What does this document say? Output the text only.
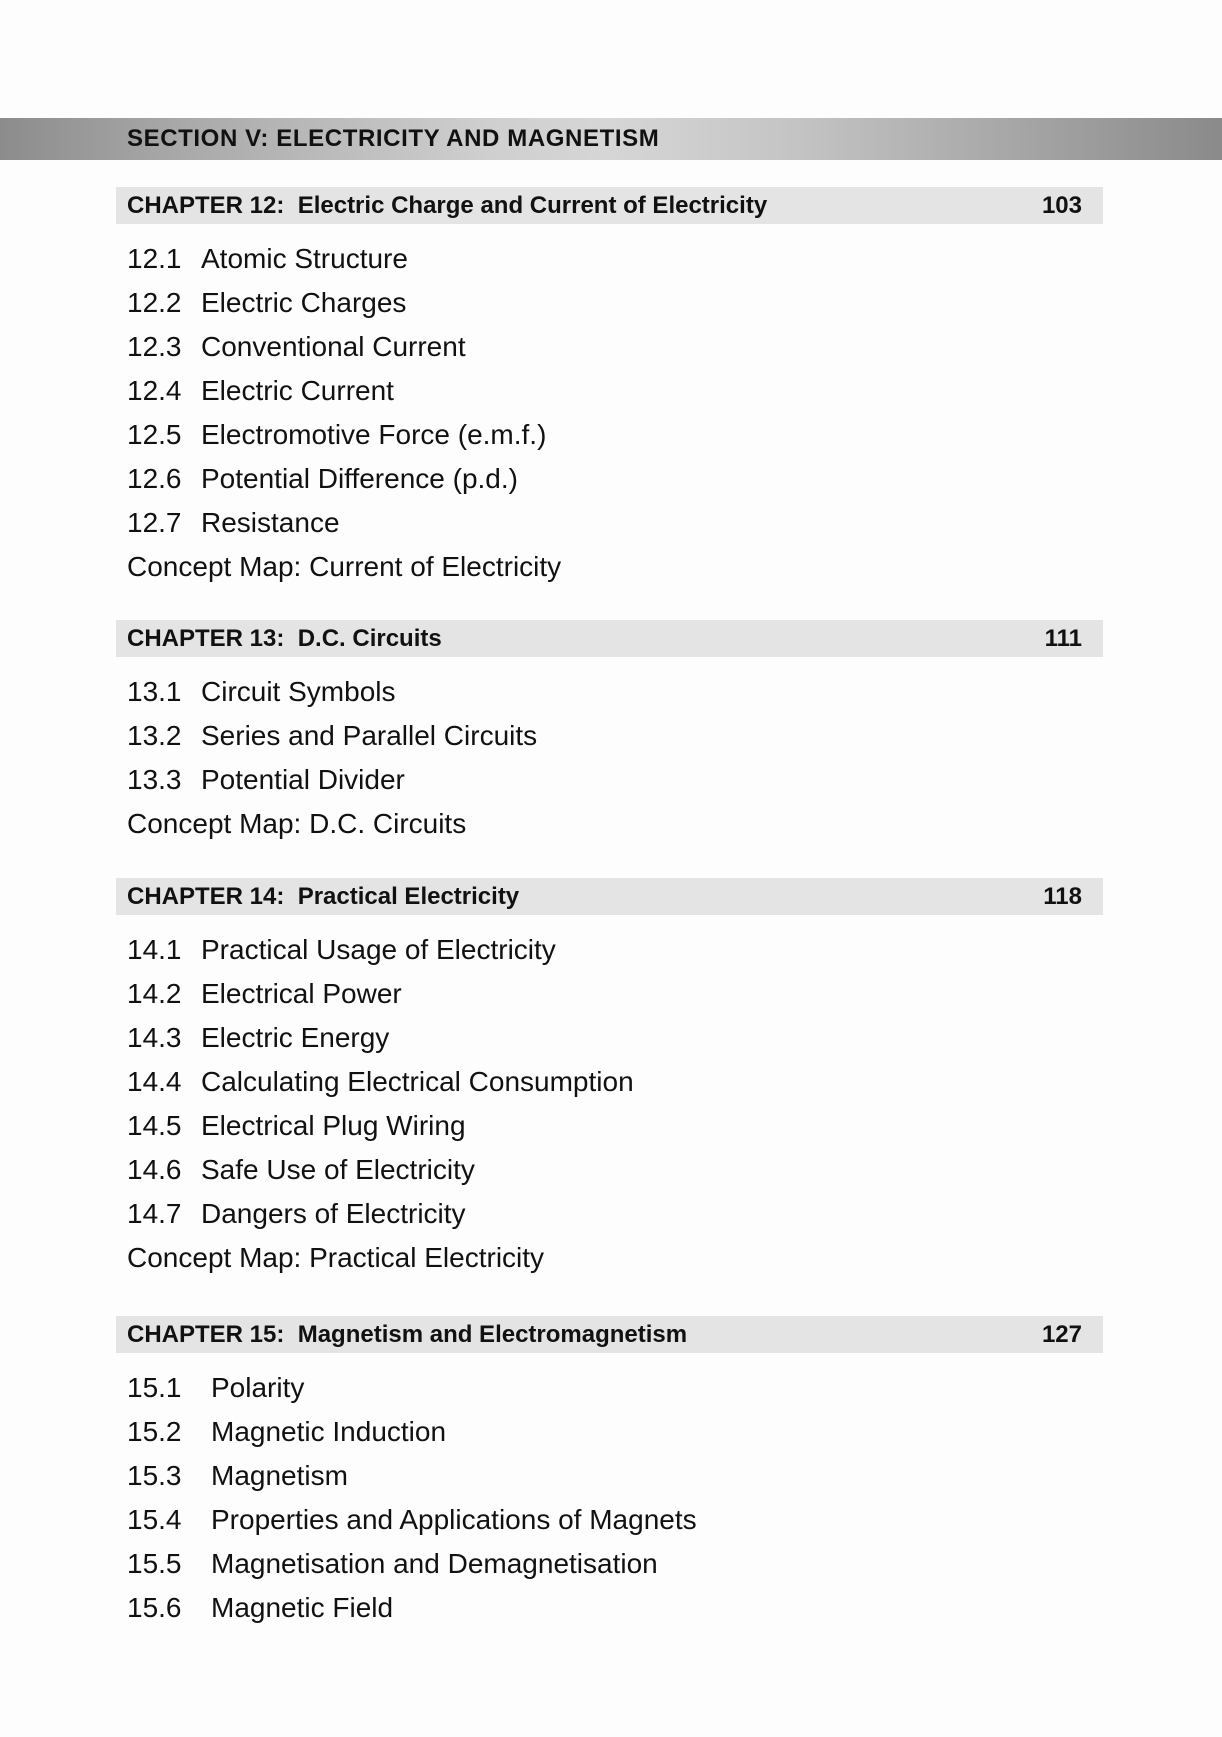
SECTION V: ELECTRICITY AND MAGNETISM
CHAPTER 12:  Electric Charge and Current of Electricity	103
12.1 Atomic Structure
12.2 Electric Charges
12.3 Conventional Current
12.4 Electric Current
12.5 Electromotive Force (e.m.f.)
12.6 Potential Difference (p.d.)
12.7 Resistance
Concept Map: Current of Electricity
CHAPTER 13:  D.C. Circuits	111
13.1 Circuit Symbols
13.2 Series and Parallel Circuits
13.3 Potential Divider
Concept Map: D.C. Circuits
CHAPTER 14:  Practical Electricity	118
14.1 Practical Usage of Electricity
14.2 Electrical Power
14.3 Electric Energy
14.4 Calculating Electrical Consumption
14.5 Electrical Plug Wiring
14.6 Safe Use of Electricity
14.7 Dangers of Electricity
Concept Map: Practical Electricity
CHAPTER 15:  Magnetism and Electromagnetism	127
15.1 Polarity
15.2 Magnetic Induction
15.3 Magnetism
15.4 Properties and Applications of Magnets
15.5 Magnetisation and Demagnetisation
15.6 Magnetic Field
